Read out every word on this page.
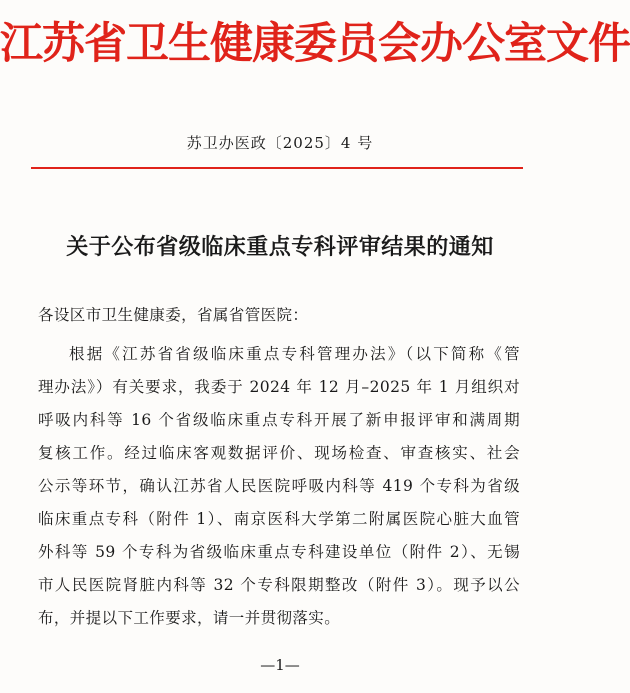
江苏省卫生健康委员会办公室文件
苏卫办医政〔2025〕4 号
关于公布省级临床重点专科评审结果的通知
各设区市卫生健康委，省属省管医院：
根据《江苏省省级临床重点专科管理办法》（以下简称《管
理办法》）有关要求，我委于 2024 年 12 月–2025 年 1 月组织对
呼吸内科等 16 个省级临床重点专科开展了新申报评审和满周期
复核工作。经过临床客观数据评价、现场检查、审查核实、社会
公示等环节，确认江苏省人民医院呼吸内科等 419 个专科为省级
临床重点专科（附件 1）、南京医科大学第二附属医院心脏大血管
外科等 59 个专科为省级临床重点专科建设单位（附件 2）、无锡
市人民医院肾脏内科等 32 个专科限期整改（附件 3）。现予以公
布，并提以下工作要求，请一并贯彻落实。
—1—
